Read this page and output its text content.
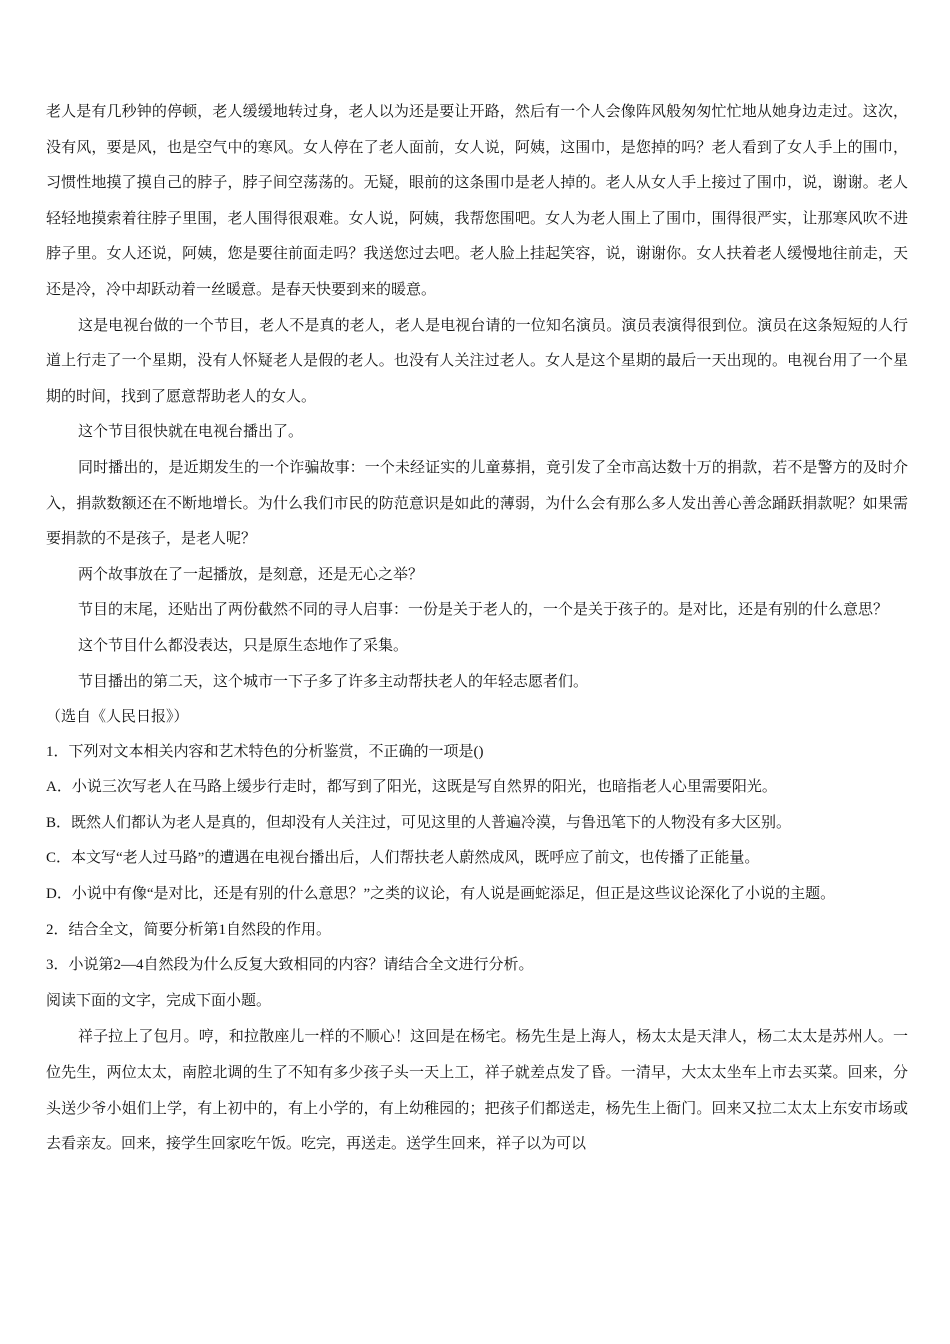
老人是有几秒钟的停顿，老人缓缓地转过身，老人以为还是要让开路，然后有一个人会像阵风般匆匆忙忙地从她身边走过。这次，没有风，要是风，也是空气中的寒风。女人停在了老人面前，女人说，阿姨，这围巾，是您掉的吗？老人看到了女人手上的围巾，习惯性地摸了摸自己的脖子，脖子间空荡荡的。无疑，眼前的这条围巾是老人掉的。老人从女人手上接过了围巾，说，谢谢。老人轻轻地摸索着往脖子里围，老人围得很艰难。女人说，阿姨，我帮您围吧。女人为老人围上了围巾，围得很严实，让那寒风吹不进脖子里。女人还说，阿姨，您是要往前面走吗？我送您过去吧。老人脸上挂起笑容，说，谢谢你。女人扶着老人缓慢地往前走，天还是冷，冷中却跃动着一丝暖意。是春天快要到来的暖意。

这是电视台做的一个节目，老人不是真的老人，老人是电视台请的一位知名演员。演员表演得很到位。演员在这条短短的人行道上行走了一个星期，没有人怀疑老人是假的老人。也没有人关注过老人。女人是这个星期的最后一天出现的。电视台用了一个星期的时间，找到了愿意帮助老人的女人。

这个节目很快就在电视台播出了。

同时播出的，是近期发生的一个诈骗故事：一个未经证实的儿童募捐，竟引发了全市高达数十万的捐款，若不是警方的及时介入，捐款数额还在不断地增长。为什么我们市民的防范意识是如此的薄弱，为什么会有那么多人发出善心善念踊跃捐款呢？如果需要捐款的不是孩子，是老人呢？

两个故事放在了一起播放，是刻意，还是无心之举？

节目的末尾，还贴出了两份截然不同的寻人启事：一份是关于老人的，一个是关于孩子的。是对比，还是有别的什么意思？

这个节目什么都没表达，只是原生态地作了采集。

节目播出的第二天，这个城市一下子多了许多主动帮扶老人的年轻志愿者们。

（选自《人民日报》）

1．下列对文本相关内容和艺术特色的分析鉴赏，不正确的一项是()

A．小说三次写老人在马路上缓步行走时，都写到了阳光，这既是写自然界的阳光，也暗指老人心里需要阳光。

B．既然人们都认为老人是真的，但却没有人关注过，可见这里的人普遍冷漠，与鲁迅笔下的人物没有多大区别。

C．本文写“老人过马路”的遭遇在电视台播出后，人们帮扶老人蔚然成风，既呼应了前文，也传播了正能量。

D．小说中有像“是对比，还是有别的什么意思？”之类的议论，有人说是画蛇添足，但正是这些议论深化了小说的主题。

2．结合全文，简要分析第1自然段的作用。

3．小说第2—4自然段为什么反复大致相同的内容？请结合全文进行分析。

阅读下面的文字，完成下面小题。

祥子拉上了包月。哼，和拉散座儿一样的不顺心！这回是在杨宅。杨先生是上海人，杨太太是天津人，杨二太太是苏州人。一位先生，两位太太，南腔北调的生了不知有多少孩子头一天上工，祥子就差点发了昏。一清早，大太太坐车上市去买菜。回来，分头送少爷小姐们上学，有上初中的，有上小学的，有上幼稚园的；把孩子们都送走，杨先生上衙门。回来又拉二太太上东安市场或去看亲友。回来，接学生回家吃午饭。吃完，再送走。送学生回来，祥子以为可以
